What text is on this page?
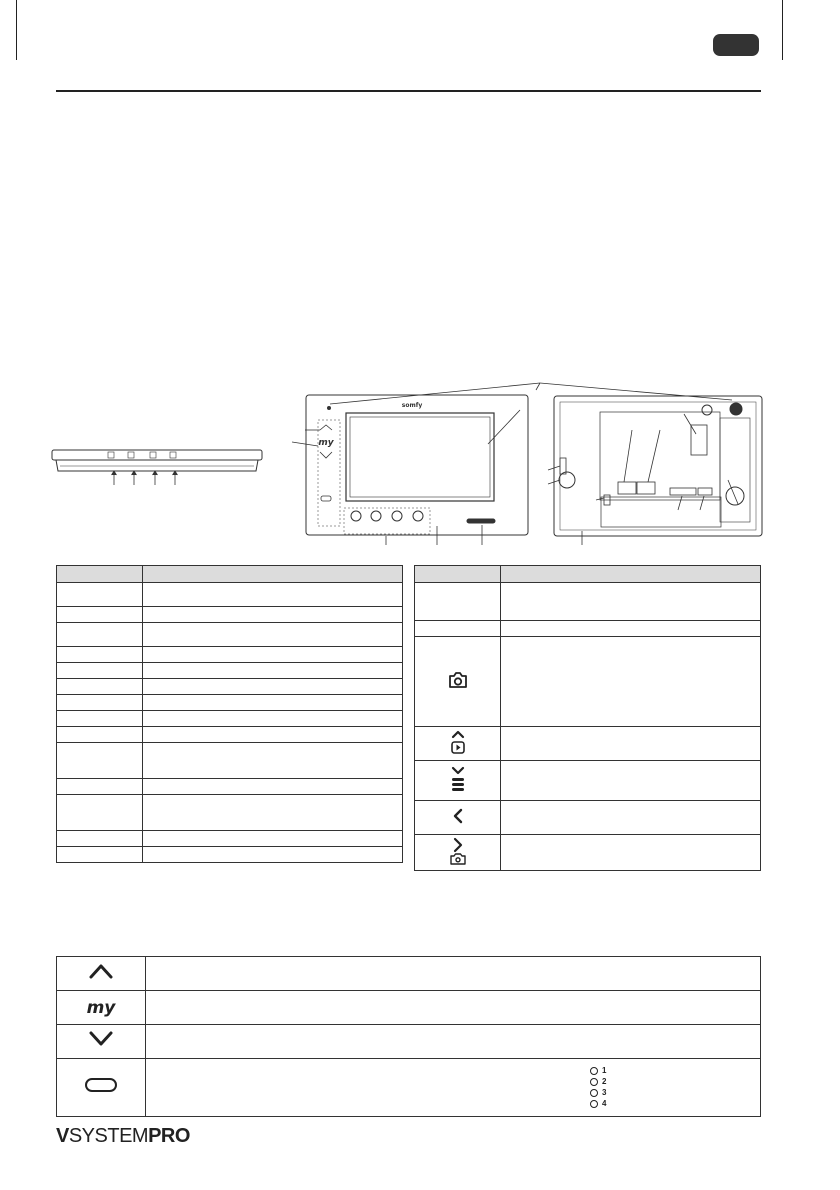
somfy
my

my	

1
2
3
4
VSYSTEMPRO
